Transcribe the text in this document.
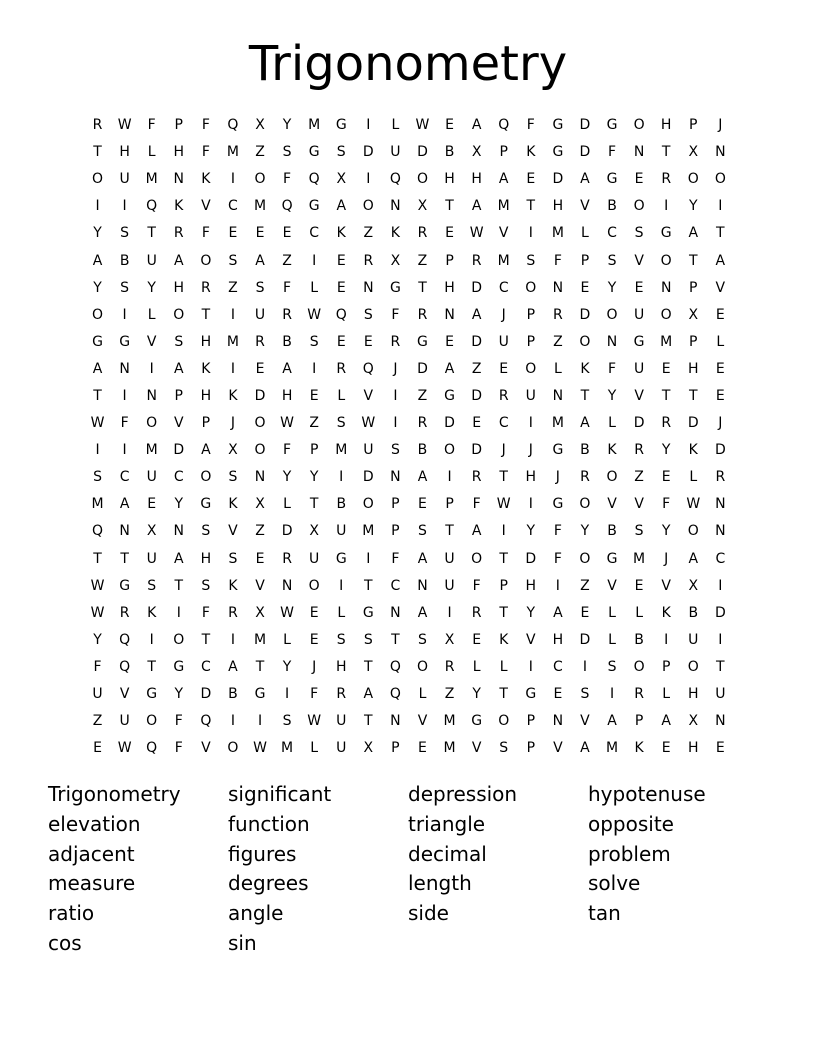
Trigonometry
R	W	F	P	F	Q	X	Y	M	G	I	L	W	E	A	Q	F	G	D	G	O	H	P	J
T	H	L	H	F	M	Z	S	G	S	D	U	D	B	X	P	K	G	D	F	N	T	X	N
O	U	M	N	K	I	O	F	Q	X	I	Q	O	H	H	A	E	D	A	G	E	R	O	O
I	I	Q	K	V	C	M	Q	G	A	O	N	X	T	A	M	T	H	V	B	O	I	Y	I
Y	S	T	R	F	E	E	E	C	K	Z	K	R	E	W	V	I	M	L	C	S	G	A	T
A	B	U	A	O	S	A	Z	I	E	R	X	Z	P	R	M	S	F	P	S	V	O	T	A
Y	S	Y	H	R	Z	S	F	L	E	N	G	T	H	D	C	O	N	E	Y	E	N	P	V
O	I	L	O	T	I	U	R	W	Q	S	F	R	N	A	J	P	R	D	O	U	O	X	E
G	G	V	S	H	M	R	B	S	E	E	R	G	E	D	U	P	Z	O	N	G	M	P	L
A	N	I	A	K	I	E	A	I	R	Q	J	D	A	Z	E	O	L	K	F	U	E	H	E
T	I	N	P	H	K	D	H	E	L	V	I	Z	G	D	R	U	N	T	Y	V	T	T	E
W	F	O	V	P	J	O	W	Z	S	W	I	R	D	E	C	I	M	A	L	D	R	D	J
I	I	M	D	A	X	O	F	P	M	U	S	B	O	D	J	J	G	B	K	R	Y	K	D
S	C	U	C	O	S	N	Y	Y	I	D	N	A	I	R	T	H	J	R	O	Z	E	L	R
M	A	E	Y	G	K	X	L	T	B	O	P	E	P	F	W	I	G	O	V	V	F	W	N
Q	N	X	N	S	V	Z	D	X	U	M	P	S	T	A	I	Y	F	Y	B	S	Y	O	N
T	T	U	A	H	S	E	R	U	G	I	F	A	U	O	T	D	F	O	G	M	J	A	C
W	G	S	T	S	K	V	N	O	I	T	C	N	U	F	P	H	I	Z	V	E	V	X	I
W	R	K	I	F	R	X	W	E	L	G	N	A	I	R	T	Y	A	E	L	L	K	B	D
Y	Q	I	O	T	I	M	L	E	S	S	T	S	X	E	K	V	H	D	L	B	I	U	I
F	Q	T	G	C	A	T	Y	J	H	T	Q	O	R	L	L	I	C	I	S	O	P	O	T
U	V	G	Y	D	B	G	I	F	R	A	Q	L	Z	Y	T	G	E	S	I	R	L	H	U
Z	U	O	F	Q	I	I	S	W	U	T	N	V	M	G	O	P	N	V	A	P	A	X	N
E	W	Q	F	V	O	W	M	L	U	X	P	E	M	V	S	P	V	A	M	K	E	H	E
Trigonometry
elevation
adjacent
measure
ratio
cos
significant
function
figures
degrees
angle
sin
depression
triangle
decimal
length
side
hypotenuse
opposite
problem
solve
tan
